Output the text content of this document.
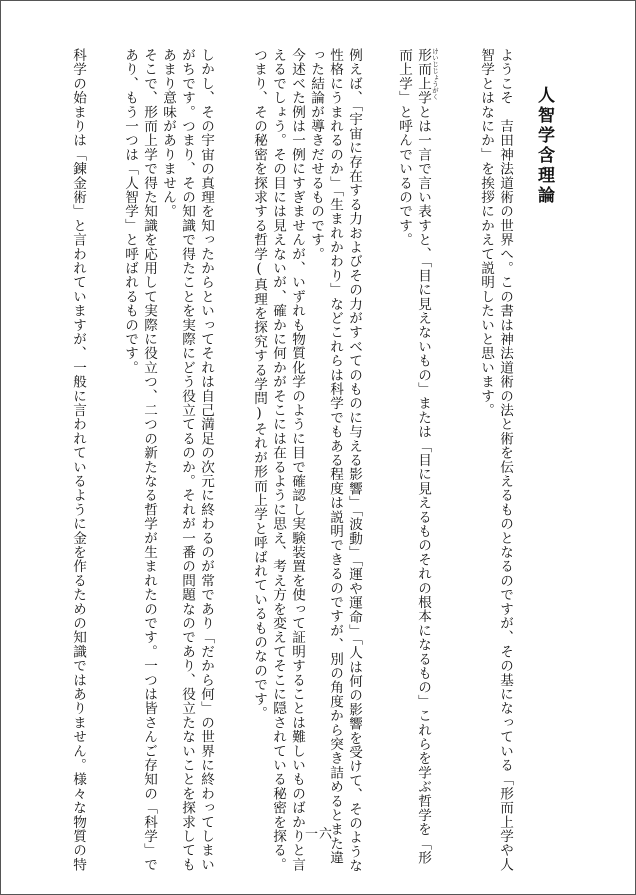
人智学含理論
ようこそ　吉田神法道術の世界へ。この書は神法道術の法と術を伝えるものとなるのですが、その基になっている「形而上学や人
智学とはなにか」を挨拶にかえて説明したいと思います。
けいじじょうがく
形而上学とは一言で言い表すと、「目に見えないもの」または「目に見えるものそれの根本になるもの」これらを学ぶ哲学を「形
而上学」と呼んでいるのです。
例えば、「宇宙に存在する力およびその力がすべてのものに与える影響」「波動」「運や運命」「人は何の影響を受けて、そのような
性格にうまれるのか」「生まれかわり」などこれらは科学でもある程度は説明できるのですが、別の角度から突き詰めるとまた違
った結論が導きだせるものです。
今述べた例は一例にすぎませんが、いずれも物質化学のように目で確認し実験装置を使って証明することは難しいものばかりと言
えるでしょう。その目には見えないが、確かに何かがそこには在るように思え、考え方を変えてそこに隠されている秘密を探る。
つまり、その秘密を探求する哲学(真理を探究する学問)それが形而上学と呼ばれているものなのです。
しかし、その宇宙の真理を知ったからといってそれは自己満足の次元に終わるのが常であり「だから何」の世界に終わってしまい
がちです。つまり、その知識で得たことを実際にどう役立てるのか。それが一番の問題なのであり、役立たないことを探求しても
あまり意味がありません。
そこで、形而上学で得た知識を応用して実際に役立つ、二つの新たなる哲学が生まれたのです。一つは皆さんご存知の「科学」で
あり、もう一つは「人智学」と呼ばれるものです。
科学の始まりは「錬金術」と言われていますが、一般に言われているように金を作るための知識ではありません。様々な物質の特	一六
